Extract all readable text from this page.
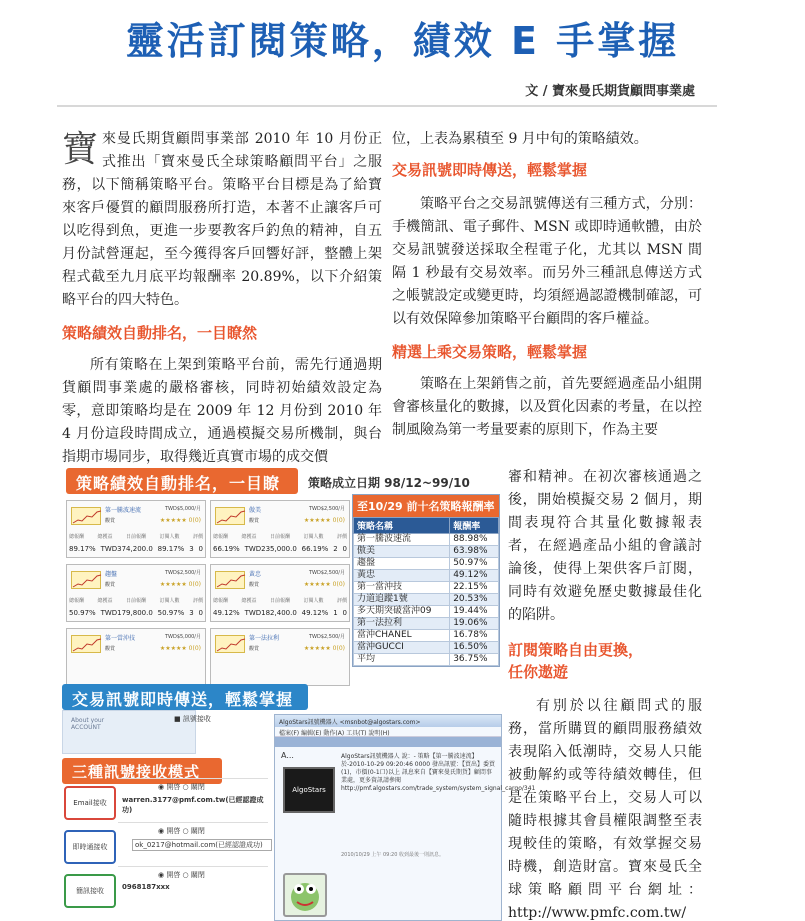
靈活訂閱策略，績效 E 手掌握
文 / 寶來曼氏期貨顧問事業處
寶來曼氏期貨顧問事業部 2010 年 10 月份正式推出「寶來曼氏全球策略顧問平台」之服務，以下簡稱策略平台。策略平台目標是為了給寶來客戶優質的顧問服務所打造，本著不止讓客戶可以吃得到魚，更進一步要教客戶釣魚的精神，自五月份試營運起，至今獲得客戶回響好評，整體上架程式截至九月底平均報酬率 20.89%，以下介紹策略平台的四大特色。
策略績效自動排名，一目瞭然
所有策略在上架到策略平台前，需先行通過期貨顧問事業處的嚴格審核，同時初始績效設定為零，意即策略均是在 2009 年 12 月份到 2010 年 4 月份這段時間成立，通過模擬交易所機制，與台指期市場同步，取得幾近真實市場的成交價
位，上表為累積至 9 月中旬的策略績效。
交易訊號即時傳送，輕鬆掌握
策略平台之交易訊號傳送有三種方式，分別：手機簡訊、電子郵件、MSN 或即時通軟體，由於交易訊號發送採取全程電子化，尤其以 MSN 間隔 1 秒最有交易效率。而另外三種訊息傳送方式之帳號設定或變更時，均須經過認證機制確認，可以有效保障參加策略平台顧問的客戶權益。
精選上乘交易策略，輕鬆掌握
策略在上架銷售之前，首先要經過產品小組開會審核量化的數據，以及質化因素的考量，在以控制風險為第一考量要素的原則下，作為主要
審和精神。在初次審核通過之後，開始模擬交易 2 個月，期間表現符合其量化數據報表者，在經過產品小組的會議討論後，使得上架供客戶訂閱，同時有效避免歷史數據最佳化的陷阱。
訂閱策略自由更換，
任你遨遊
有別於以往顧問式的服務，當所購買的顧問服務績效表現陷入低潮時，交易人只能被動解約或等待績效轉佳，但是在策略平台上，交易人可以隨時根據其會員權限調整至表現較佳的策略，有效掌握交易時機，創造財富。寶來曼氏全球策略顧問平台網址：http://www.pmfc.com.tw/
策略績效自動排名，一目瞭	策略成立日期 98/12~99/10
第一騰波速流	TWD$5,000/月
觀賞	★★★★★ 0(0)
總報酬	總獲益	日前報酬	訂閱人數	評價
89.17% TWD374,200.0 89.17% 3 0
傲美	TWD$2,500/月
觀賞	★★★★★ 0(0)
總報酬	總獲益	日前報酬	訂閱人數	評價
66.19% TWD235,000.0 66.19% 2 0
趨盤	TWD$2,500/月
觀賞	★★★★★ 0(0)
總報酬	總獲益	日前報酬	訂閱人數	評價
50.97% TWD179,800.0 50.97% 3 0
黃忠	TWD$2,500/月
觀賞	★★★★★ 0(0)
總報酬	總獲益	日前報酬	訂閱人數	評價
49.12% TWD182,400.0 49.12% 1 0
第一當沖技	TWD$5,000/月
觀賞	★★★★★ 0(0)
第一法拉利	TWD$2,500/月
觀賞	★★★★★ 0(0)
至10/29 前十名策略報酬率
策略名稱	報酬率
第一騰波速流	88.98%
傲美	63.98%
趨盤	50.97%
黃忠	49.12%
第一當沖技	22.15%
力道追蹤1號	20.53%
多天期突破當沖09	19.44%
第一法拉利	19.06%
當沖CHANEL	16.78%
當沖GUCCI	16.50%
平均	36.75%
交易訊號即時傳送，輕鬆掌握
About your ACCOUNT
■ 訊號接收
三種訊號接收模式
Email接收
◉ 開啓 ○ 關閉
warren.3177@pmf.com.tw(已經認證成功)
即時通接收
◉ 開啓 ○ 關閉
ok_0217@hotmail.com(已經認證成功)
簡訊接收
◉ 開啓 ○ 關閉
0968187xxx
AlgoStars訊號機器人 <msnbot@algostars.com>
檔案(F) 編輯(E) 動作(A) 工具(T) 說明(H)
A...
AlgoStars
AlgoStars訊號機器人 說：- 策略【第一騰波速流】於-2010-10-29 09:20:46 0000 發出訊號：【買出】委買(1)，市價(0-1口)以上 訊息來自【寶來曼氏期貨】顧問事業處，更多資訊請參閱 http://pmf.algostars.com/trade_system/system_signal_cargo/341
2010/10/29 上午 09:20 收到最後一則訊息。
